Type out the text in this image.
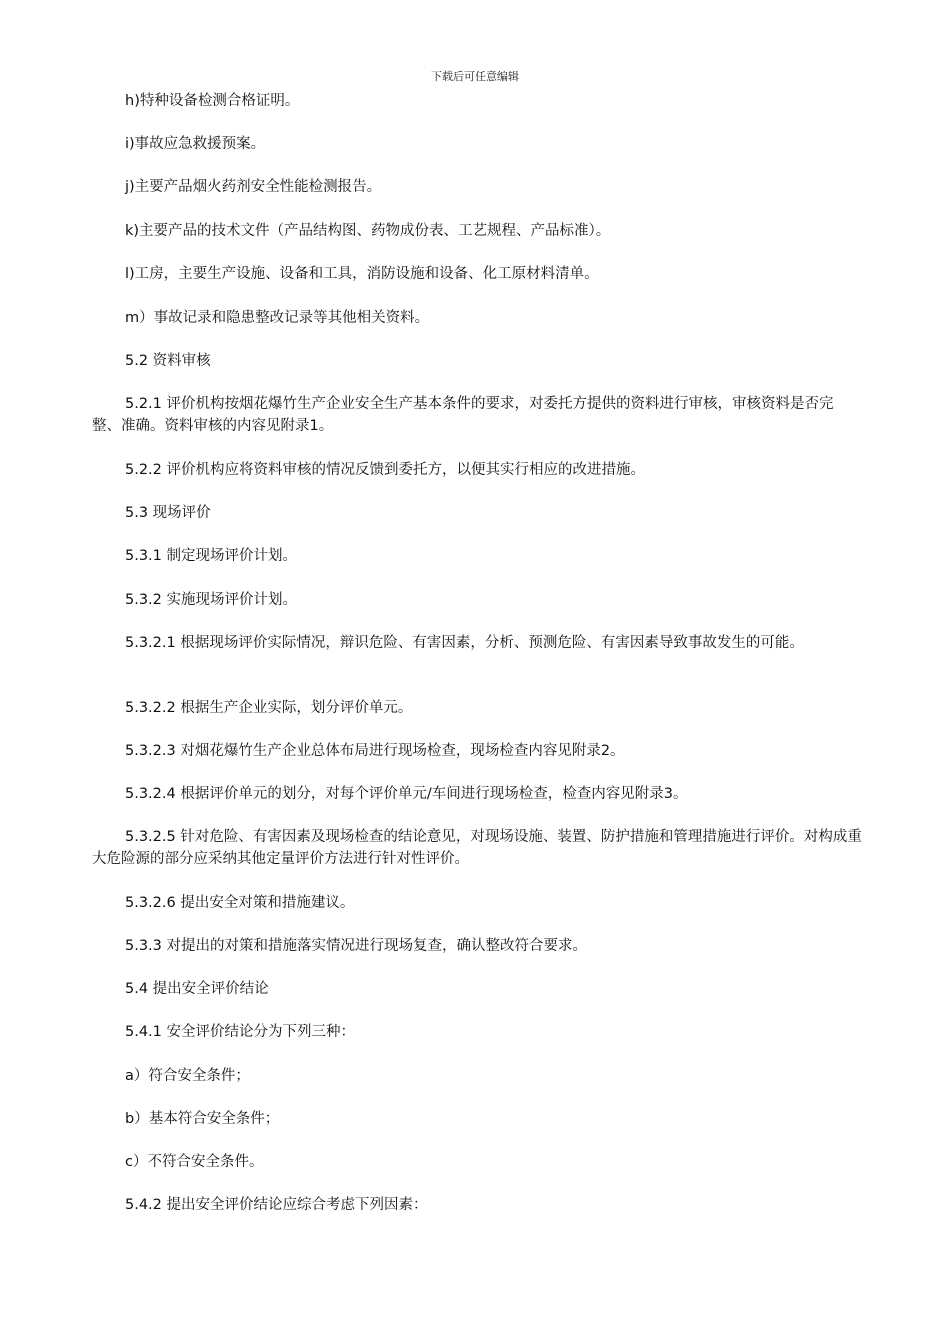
下载后可任意编辑

h)特种设备检测合格证明。

i)事故应急救援预案。

j)主要产品烟火药剂安全性能检测报告。

k)主要产品的技术文件（产品结构图、药物成份表、工艺规程、产品标准）。

l)工房，主要生产设施、设备和工具，消防设施和设备、化工原材料清单。

m）事故记录和隐患整改记录等其他相关资料。

5.2 资料审核

5.2.1 评价机构按烟花爆竹生产企业安全生产基本条件的要求，对委托方提供的资料进行审核，审核资料是否完整、准确。资料审核的内容见附录1。

5.2.2 评价机构应将资料审核的情况反馈到委托方，以便其实行相应的改进措施。

5.3 现场评价

5.3.1 制定现场评价计划。

5.3.2 实施现场评价计划。

5.3.2.1 根据现场评价实际情况，辩识危险、有害因素，分析、预测危险、有害因素导致事故发生的可能。

5.3.2.2 根据生产企业实际，划分评价单元。

5.3.2.3 对烟花爆竹生产企业总体布局进行现场检查，现场检查内容见附录2。

5.3.2.4 根据评价单元的划分，对每个评价单元/车间进行现场检查，检查内容见附录3。

5.3.2.5 针对危险、有害因素及现场检查的结论意见，对现场设施、装置、防护措施和管理措施进行评价。对构成重大危险源的部分应采纳其他定量评价方法进行针对性评价。

5.3.2.6 提出安全对策和措施建议。

5.3.3 对提出的对策和措施落实情况进行现场复查，确认整改符合要求。

5.4 提出安全评价结论

5.4.1 安全评价结论分为下列三种：

a）符合安全条件；

b）基本符合安全条件；

c）不符合安全条件。

5.4.2 提出安全评价结论应综合考虑下列因素：
